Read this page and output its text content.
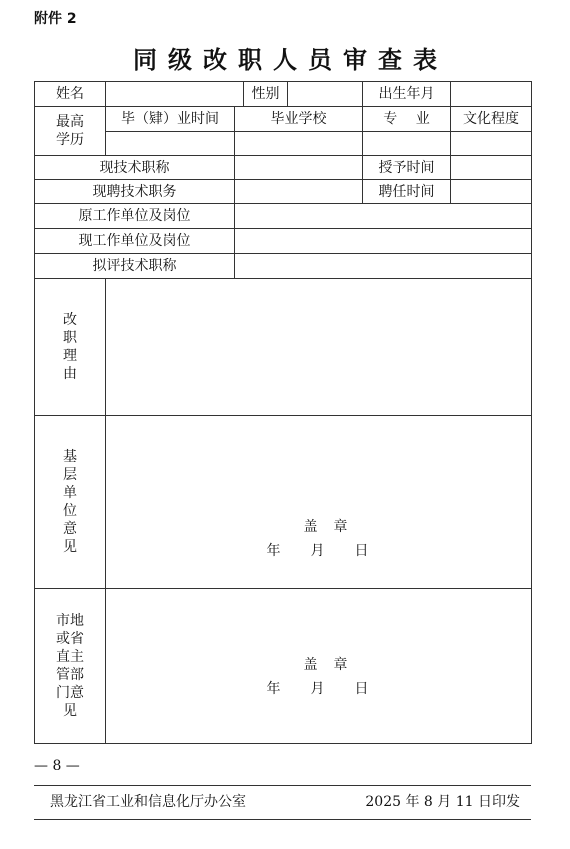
附件 2
同级改职人员审查表
姓名			性别		出生年月	
最高学历	毕（肄）业时间	毕业学校			专　 业	文化程度

现技术职称					授予时间	
现聘技术职务					聘任时间	
原工作单位及岗位						
现工作单位及岗位						
拟评技术职称						
改职理由						
基层单位意见	盖 章
年 月 日					

市地或省直主管部门意见	盖 章
年 月 日					
— 8 —
黑龙江省工业和信息化厅办公室	2025 年 8 月 11 日印发
